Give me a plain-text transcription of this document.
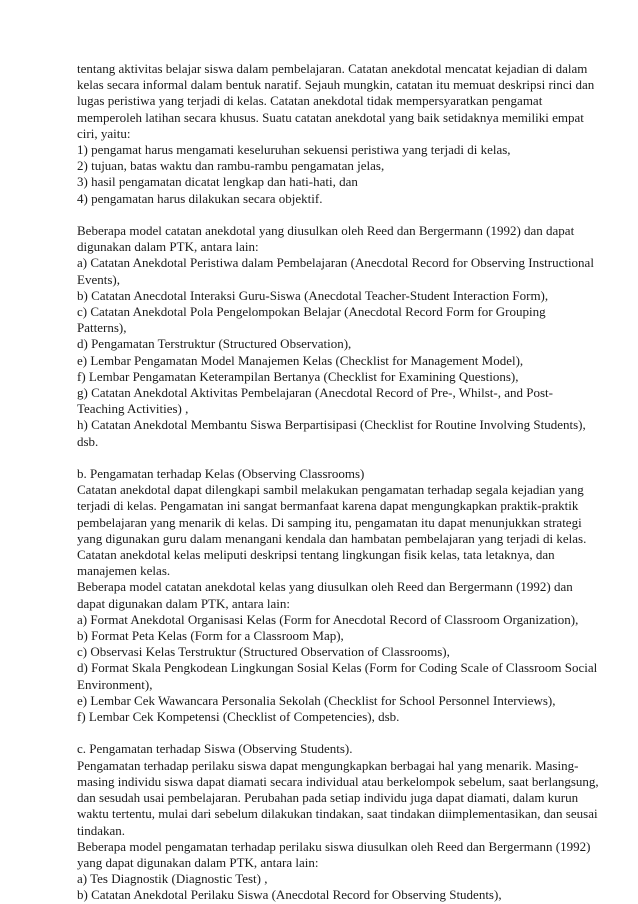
tentang aktivitas belajar siswa dalam pembelajaran. Catatan anekdotal mencatat kejadian di dalam
kelas secara informal dalam bentuk naratif. Sejauh mungkin, catatan itu memuat deskripsi rinci dan
lugas peristiwa yang terjadi di kelas. Catatan anekdotal tidak mempersyaratkan pengamat
memperoleh latihan secara khusus. Suatu catatan anekdotal yang baik setidaknya memiliki empat
ciri, yaitu:
1) pengamat harus mengamati keseluruhan sekuensi peristiwa yang terjadi di kelas,
2) tujuan, batas waktu dan rambu-rambu pengamatan jelas,
3) hasil pengamatan dicatat lengkap dan hati-hati, dan
4) pengamatan harus dilakukan secara objektif.
Beberapa model catatan anekdotal yang diusulkan oleh Reed dan Bergermann (1992) dan dapat
digunakan dalam PTK, antara lain:
a) Catatan Anekdotal Peristiwa dalam Pembelajaran (Anecdotal Record for Observing Instructional
Events),
b) Catatan Anecdotal Interaksi Guru-Siswa (Anecdotal Teacher-Student Interaction Form),
c) Catatan Anekdotal Pola Pengelompokan Belajar (Anecdotal Record Form for Grouping
Patterns),
d) Pengamatan Terstruktur (Structured Observation),
e) Lembar Pengamatan Model Manajemen Kelas (Checklist for Management Model),
f) Lembar Pengamatan Keterampilan Bertanya (Checklist for Examining Questions),
g) Catatan Anekdotal Aktivitas Pembelajaran (Anecdotal Record of Pre-, Whilst-, and Post-
Teaching Activities) ,
h) Catatan Anekdotal Membantu Siswa Berpartisipasi (Checklist for Routine Involving Students),
dsb.
b. Pengamatan terhadap Kelas (Observing Classrooms)
Catatan anekdotal dapat dilengkapi sambil melakukan pengamatan terhadap segala kejadian yang
terjadi di kelas. Pengamatan ini sangat bermanfaat karena dapat mengungkapkan praktik-praktik
pembelajaran yang menarik di kelas. Di samping itu, pengamatan itu dapat menunjukkan strategi
yang digunakan guru dalam menangani kendala dan hambatan pembelajaran yang terjadi di kelas.
Catatan anekdotal kelas meliputi deskripsi tentang lingkungan fisik kelas, tata letaknya, dan
manajemen kelas.
Beberapa model catatan anekdotal kelas yang diusulkan oleh Reed dan Bergermann (1992) dan
dapat digunakan dalam PTK, antara lain:
a) Format Anekdotal Organisasi Kelas (Form for Anecdotal Record of Classroom Organization),
b) Format Peta Kelas (Form for a Classroom Map),
c) Observasi Kelas Terstruktur (Structured Observation of Classrooms),
d) Format Skala Pengkodean Lingkungan Sosial Kelas (Form for Coding Scale of Classroom Social
Environment),
e) Lembar Cek Wawancara Personalia Sekolah (Checklist for School Personnel Interviews),
f) Lembar Cek Kompetensi (Checklist of Competencies), dsb.
c. Pengamatan terhadap Siswa (Observing Students).
Pengamatan terhadap perilaku siswa dapat mengungkapkan berbagai hal yang menarik. Masing-
masing individu siswa dapat diamati secara individual atau berkelompok sebelum, saat berlangsung,
dan sesudah usai pembelajaran. Perubahan pada setiap individu juga dapat diamati, dalam kurun
waktu tertentu, mulai dari sebelum dilakukan tindakan, saat tindakan diimplementasikan, dan seusai
tindakan.
Beberapa model pengamatan terhadap perilaku siswa diusulkan oleh Reed dan Bergermann (1992)
yang dapat digunakan dalam PTK, antara lain:
a) Tes Diagnostik (Diagnostic Test) ,
b) Catatan Anekdotal Perilaku Siswa (Anecdotal Record for Observing Students),
